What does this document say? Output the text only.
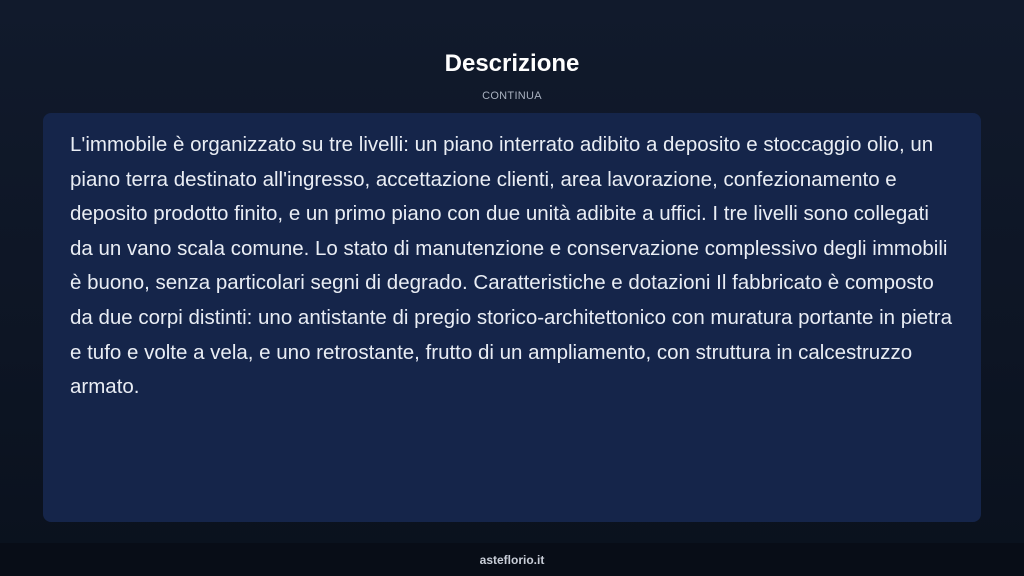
Descrizione
CONTINUA

L'immobile è organizzato su tre livelli: un piano interrato adibito a deposito e stoccaggio olio, un piano terra destinato all'ingresso, accettazione clienti, area lavorazione, confezionamento e deposito prodotto finito, e un primo piano con due unità adibite a uffici. I tre livelli sono collegati da un vano scala comune. Lo stato di manutenzione e conservazione complessivo degli immobili è buono, senza particolari segni di degrado. Caratteristiche e dotazioni Il fabbricato è composto da due corpi distinti: uno antistante di pregio storico-architettonico con muratura portante in pietra e tufo e volte a vela, e uno retrostante, frutto di un ampliamento, con struttura in calcestruzzo armato.

asteflorio.it
